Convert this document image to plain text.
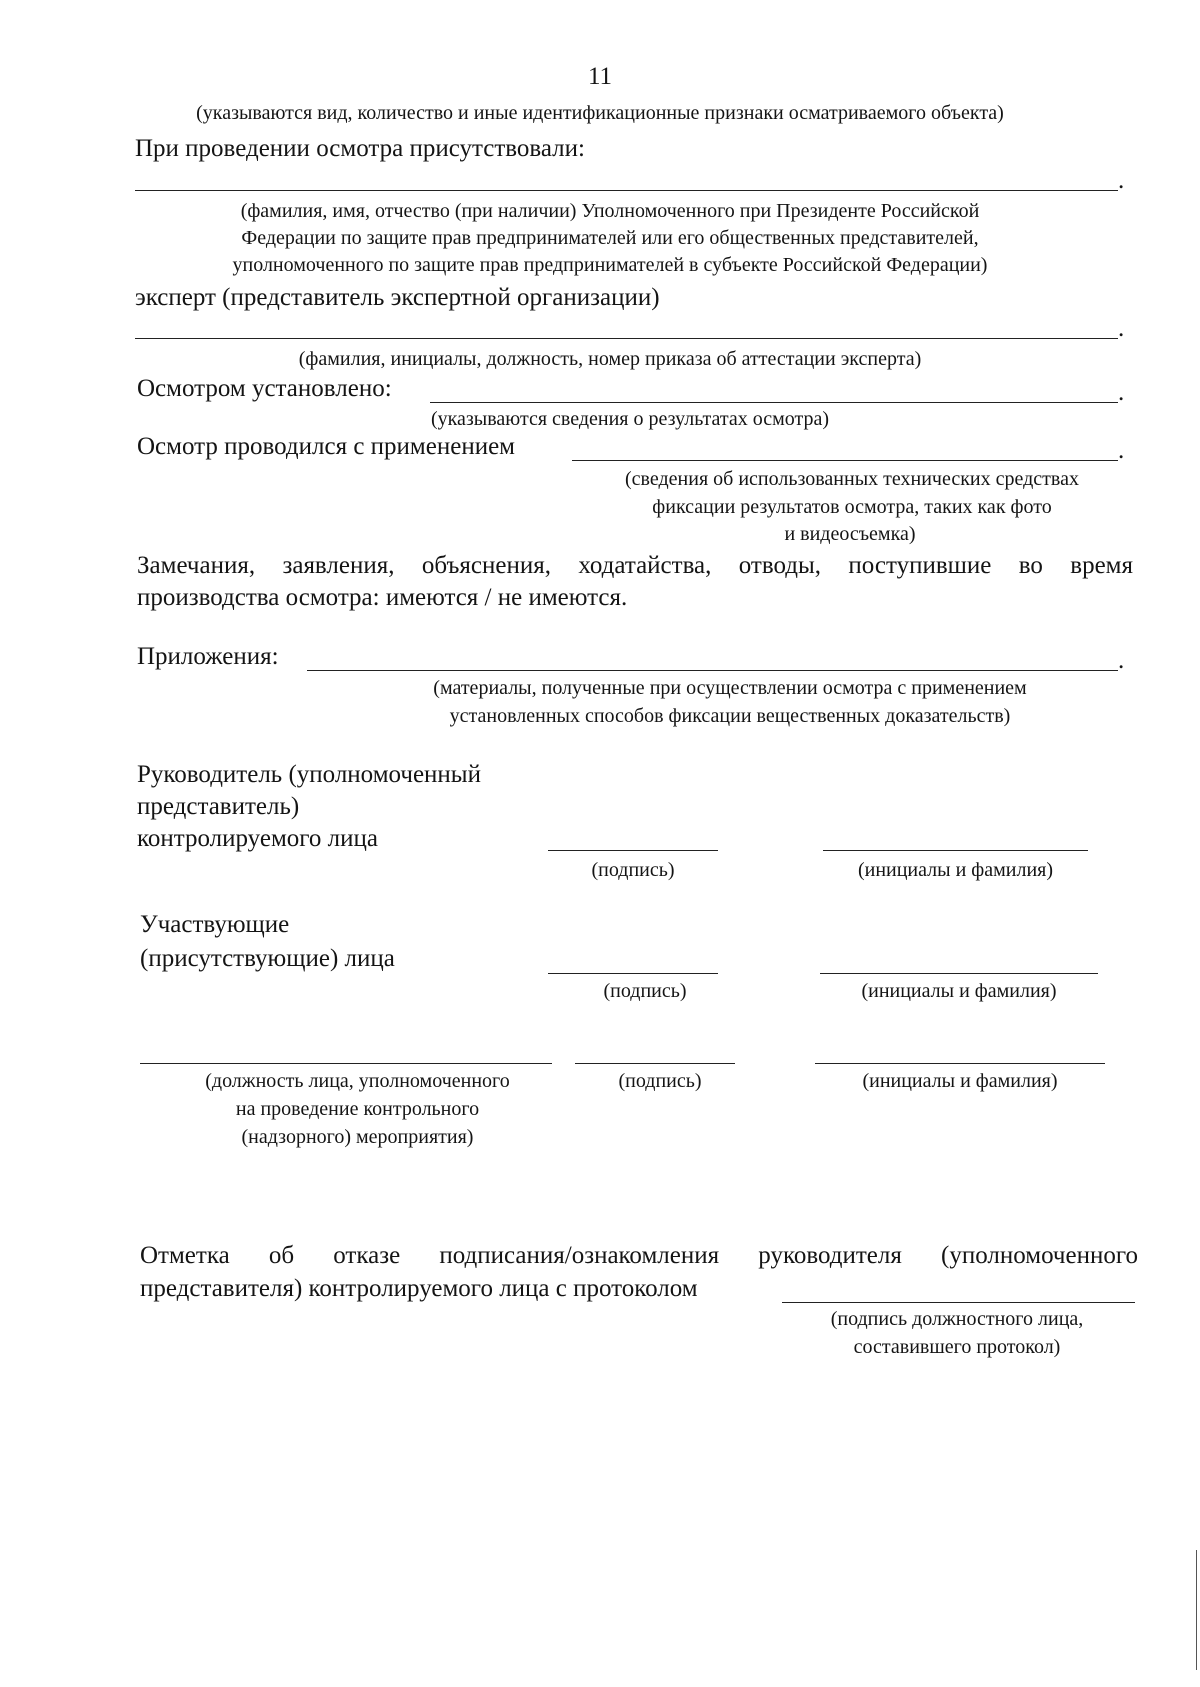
11
(указываются вид, количество и иные идентификационные признаки осматриваемого объекта)
При проведении осмотра присутствовали:
.
(фамилия, имя, отчество (при наличии) Уполномоченного при Президенте Российской
Федерации по защите прав предпринимателей или его общественных представителей,
уполномоченного по защите прав предпринимателей в субъекте Российской Федерации)
эксперт (представитель экспертной организации)
.
(фамилия, инициалы, должность, номер приказа об аттестации эксперта)
Осмотром установлено:	.
(указываются сведения о результатах осмотра)
Осмотр проводился с применением	.
(сведения об использованных технических средствах
фиксации результатов осмотра, таких как фото
и видеосъемка)
Замечания, заявления, объяснения, ходатайства, отводы, поступившие во время
производства осмотра: имеются / не имеются.
Приложения:	.
(материалы, полученные при осуществлении осмотра с применением
установленных способов фиксации вещественных доказательств)
Руководитель (уполномоченный
представитель)
контролируемого лица
(подпись)	(инициалы и фамилия)
Участвующие
(присутствующие) лица
(подпись)	(инициалы и фамилия)
(должность лица, уполномоченного
на проведение контрольного
(надзорного) мероприятия)
(подпись)	(инициалы и фамилия)
Отметка об отказе подписания/ознакомления руководителя (уполномоченного
представителя) контролируемого лица с протоколом
(подпись должностного лица,
составившего протокол)
